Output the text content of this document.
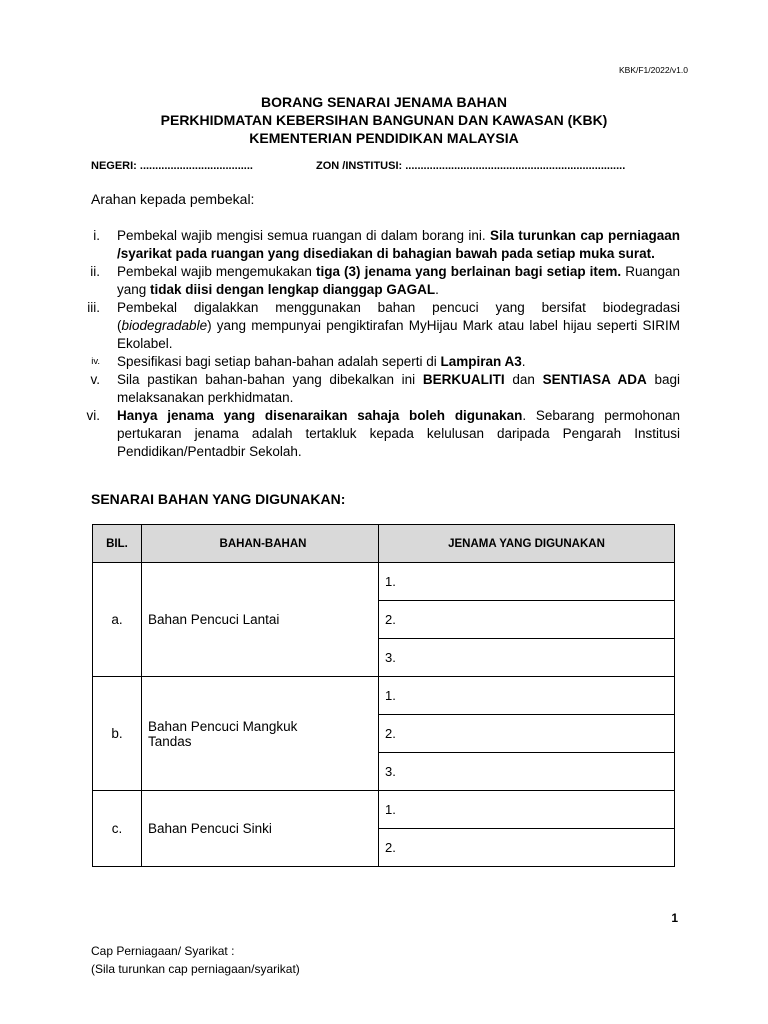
KBK/F1/2022/v1.0
BORANG SENARAI JENAMA BAHAN
PERKHIDMATAN KEBERSIHAN BANGUNAN DAN KAWASAN (KBK)
KEMENTERIAN PENDIDIKAN MALAYSIA
NEGERI: .....................................	ZON /INSTITUSI: ........................................................................
Arahan kepada pembekal:
i. Pembekal wajib mengisi semua ruangan di dalam borang ini. Sila turunkan cap perniagaan /syarikat pada ruangan yang disediakan di bahagian bawah pada setiap muka surat.
ii. Pembekal wajib mengemukakan tiga (3) jenama yang berlainan bagi setiap item. Ruangan yang tidak diisi dengan lengkap dianggap GAGAL.
iii. Pembekal digalakkan menggunakan bahan pencuci yang bersifat biodegradasi (biodegradable) yang mempunyai pengiktirafan MyHijau Mark atau label hijau seperti SIRIM Ekolabel.
iv. Spesifikasi bagi setiap bahan-bahan adalah seperti di Lampiran A3.
v. Sila pastikan bahan-bahan yang dibekalkan ini BERKUALITI dan SENTIASA ADA bagi melaksanakan perkhidmatan.
vi. Hanya jenama yang disenaraikan sahaja boleh digunakan. Sebarang permohonan pertukaran jenama adalah tertakluk kepada kelulusan daripada Pengarah Institusi Pendidikan/Pentadbir Sekolah.
SENARAI BAHAN YANG DIGUNAKAN:
BIL.	BAHAN-BAHAN	JENAMA YANG DIGUNAKAN
a.	Bahan Pencuci Lantai	1.
		2.
		3.
b.	Bahan Pencuci Mangkuk Tandas	1.
		2.
		3.
c.	Bahan Pencuci Sinki	1.
		2.
1
Cap Perniagaan/ Syarikat :
(Sila turunkan cap perniagaan/syarikat)
